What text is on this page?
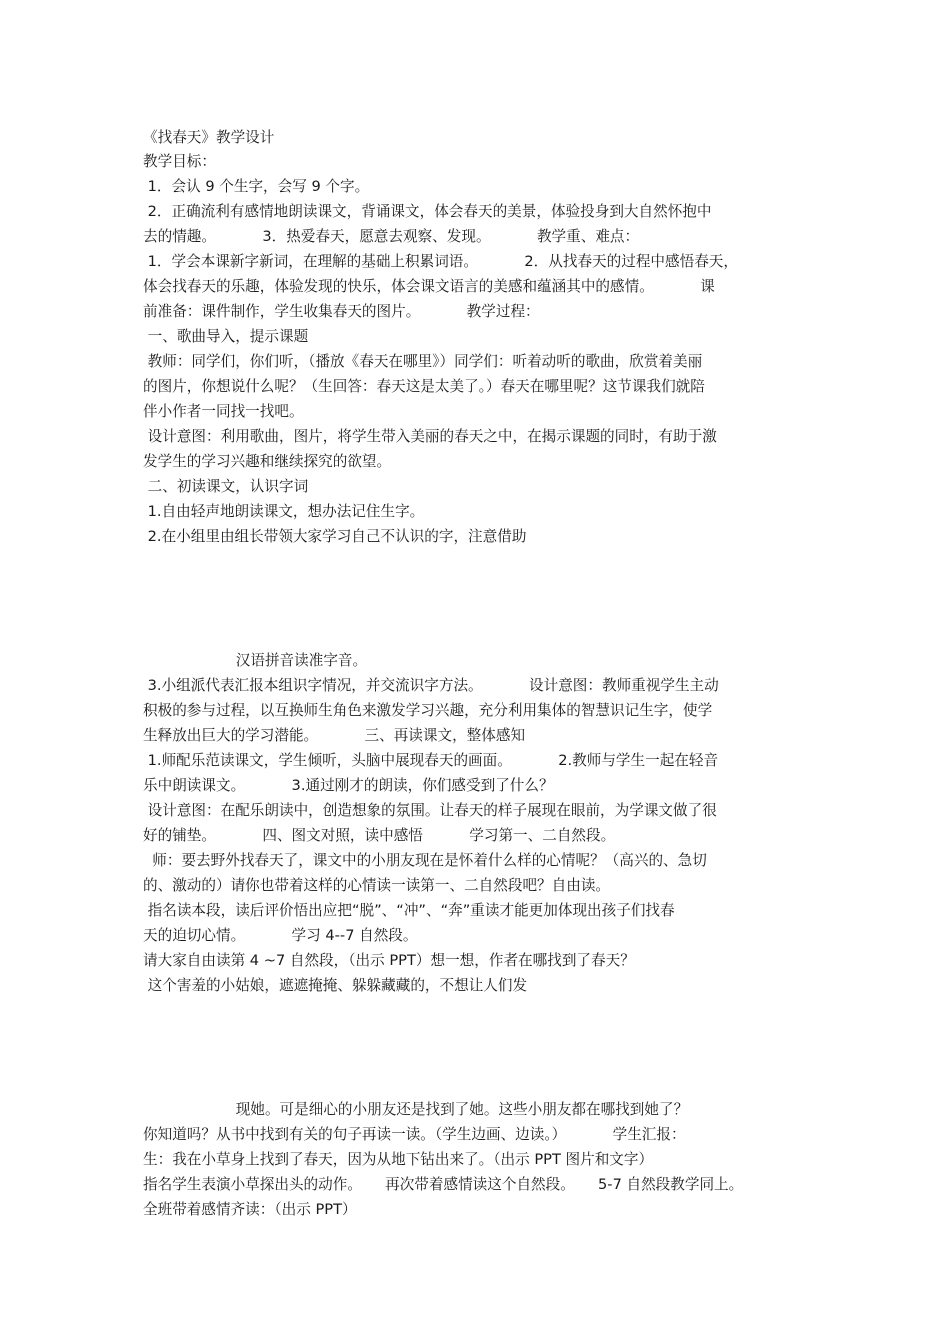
《找春天》教学设计
教学目标：
1．会认 9 个生字，会写 9 个字。
2．正确流利有感情地朗读课文，背诵课文，体会春天的美景，体验投身到大自然怀抱中
去的情趣。          3．热爱春天，愿意去观察、发现。          教学重、难点：
1．学会本课新字新词，在理解的基础上积累词语。          2．从找春天的过程中感悟春天，
体会找春天的乐趣，体验发现的快乐，体会课文语言的美感和蕴涵其中的感情。          课
前准备：课件制作，学生收集春天的图片。          教学过程：
一、歌曲导入，提示课题
教师：同学们，你们听，（播放《春天在哪里》）同学们：听着动听的歌曲，欣赏着美丽
的图片，你想说什么呢？（生回答：春天这是太美了。）春天在哪里呢？这节课我们就陪
伴小作者一同找一找吧。
设计意图：利用歌曲，图片，将学生带入美丽的春天之中，在揭示课题的同时，有助于激
发学生的学习兴趣和继续探究的欲望。
二、初读课文，认识字词
1.自由轻声地朗读课文，想办法记住生字。
2.在小组里由组长带领大家学习自己不认识的字，注意借助
汉语拼音读准字音。
3.小组派代表汇报本组识字情况，并交流识字方法。          设计意图：教师重视学生主动
积极的参与过程，以互换师生角色来激发学习兴趣，充分利用集体的智慧识记生字，使学
生释放出巨大的学习潜能。          三、再读课文，整体感知
1.师配乐范读课文，学生倾听，头脑中展现春天的画面。          2.教师与学生一起在轻音
乐中朗读课文。          3.通过刚才的朗读，你们感受到了什么？
设计意图：在配乐朗读中，创造想象的氛围。让春天的样子展现在眼前，为学课文做了很
好的铺垫。          四、图文对照，读中感悟          学习第一、二自然段。
师：要去野外找春天了，课文中的小朋友现在是怀着什么样的心情呢？（高兴的、急切
的、激动的）请你也带着这样的心情读一读第一、二自然段吧？自由读。
指名读本段，读后评价悟出应把“脱”、“冲”、“奔”重读才能更加体现出孩子们找春
天的迫切心情。          学习 4--7 自然段。
请大家自由读第 4 ~7 自然段，（出示 PPT）想一想，作者在哪找到了春天？
这个害羞的小姑娘，遮遮掩掩、躲躲藏藏的，不想让人们发
现她。可是细心的小朋友还是找到了她。这些小朋友都在哪找到她了？
你知道吗？从书中找到有关的句子再读一读。（学生边画、边读。）          学生汇报：
生：我在小草身上找到了春天，因为从地下钻出来了。（出示 PPT 图片和文字）
指名学生表演小草探出头的动作。     再次带着感情读这个自然段。     5-7 自然段教学同上。
全班带着感情齐读：（出示 PPT）
